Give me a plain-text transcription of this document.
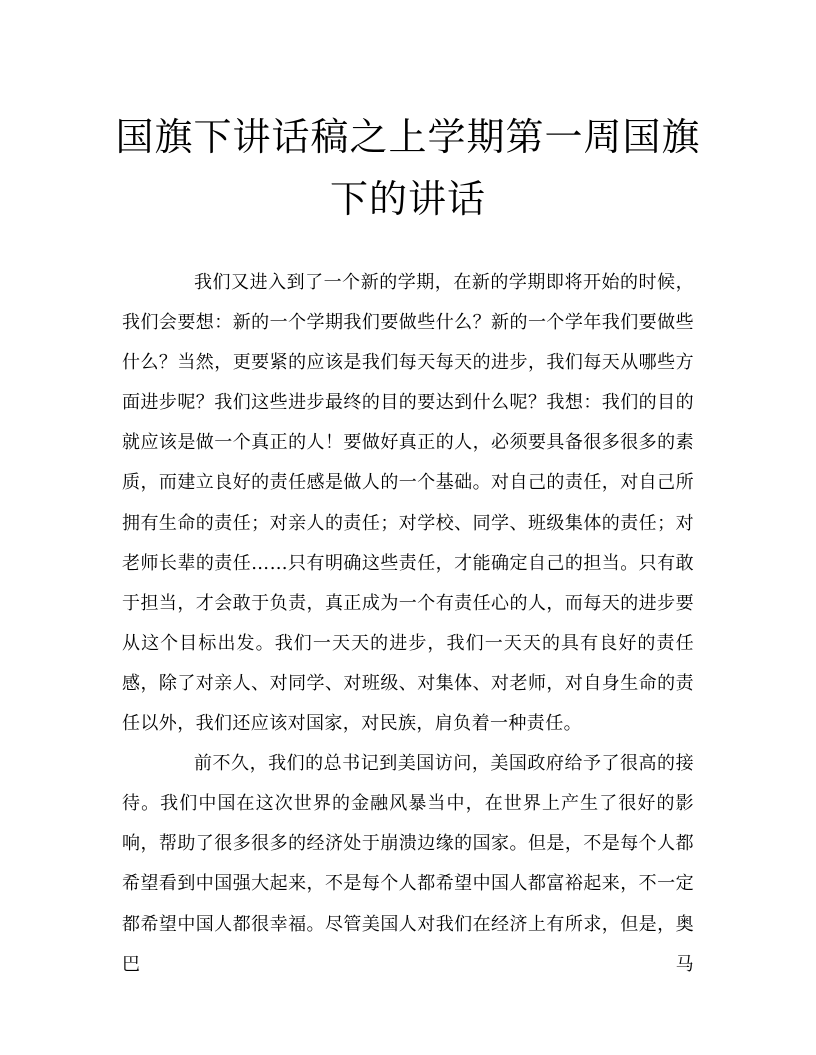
国旗下讲话稿之上学期第一周国旗下的讲话

我们又进入到了一个新的学期，在新的学期即将开始的时候，我们会要想：新的一个学期我们要做些什么？新的一个学年我们要做些什么？当然，更要紧的应该是我们每天每天的进步，我们每天从哪些方面进步呢？我们这些进步最终的目的要达到什么呢？我想：我们的目的就应该是做一个真正的人！要做好真正的人，必须要具备很多很多的素质，而建立良好的责任感是做人的一个基础。对自己的责任，对自己所拥有生命的责任；对亲人的责任；对学校、同学、班级集体的责任；对老师长辈的责任……只有明确这些责任，才能确定自己的担当。只有敢于担当，才会敢于负责，真正成为一个有责任心的人，而每天的进步要从这个目标出发。我们一天天的进步，我们一天天的具有良好的责任感，除了对亲人、对同学、对班级、对集体、对老师，对自身生命的责任以外，我们还应该对国家，对民族，肩负着一种责任。

前不久，我们的总书记到美国访问，美国政府给予了很高的接待。我们中国在这次世界的金融风暴当中，在世界上产生了很好的影响，帮助了很多很多的经济处于崩溃边缘的国家。但是，不是每个人都希望看到中国强大起来，不是每个人都希望中国人都富裕起来，不一定都希望中国人都很幸福。尽管美国人对我们在经济上有所求，但是，奥巴马
